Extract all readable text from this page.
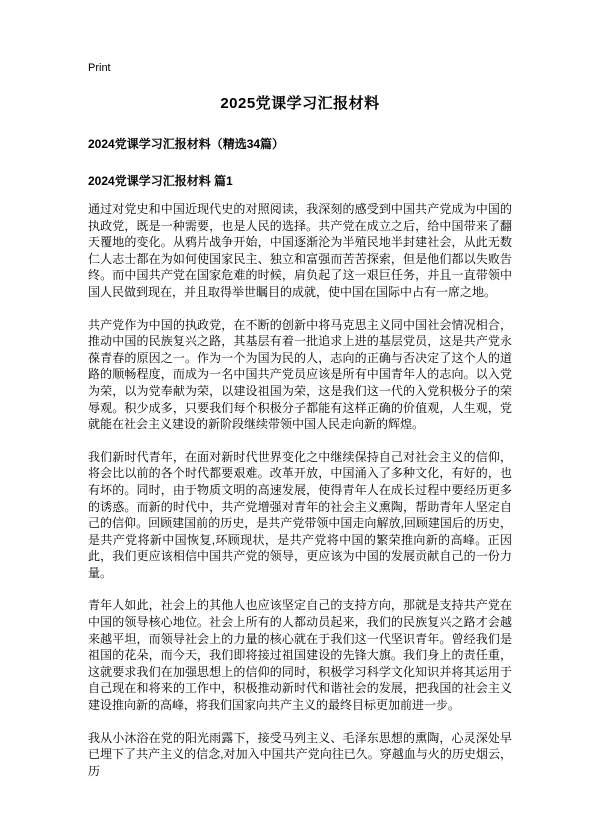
Print
2025党课学习汇报材料
2024党课学习汇报材料（精选34篇）
2024党课学习汇报材料 篇1

通过对党史和中国近现代史的对照阅读，我深刻的感受到中国共产党成为中国的执政党，既是一种需要，也是人民的选择。共产党在成立之后，给中国带来了翻天覆地的变化。从鸦片战争开始，中国逐渐沦为半殖民地半封建社会，从此无数仁人志士都在为如何使国家民主、独立和富强而苦苦探索，但是他们都以失败告终。而中国共产党在国家危难的时候，肩负起了这一艰巨任务，并且一直带领中国人民做到现在，并且取得举世瞩目的成就，使中国在国际中占有一席之地。

共产党作为中国的执政党，在不断的创新中将马克思主义同中国社会情况相合，推动中国的民族复兴之路，其基层有着一批追求上进的基层党员，这是共产党永葆青春的原因之一。作为一个为国为民的人，志向的正确与否决定了这个人的道路的顺畅程度，而成为一名中国共产党员应该是所有中国青年人的志向。以入党为荣，以为党奉献为荣，以建设祖国为荣，这是我们这一代的入党积极分子的荣辱观。积少成多，只要我们每个积极分子都能有这样正确的价值观，人生观，党就能在社会主义建设的新阶段继续带领中国人民走向新的辉煌。

我们新时代青年，在面对新时代世界变化之中继续保持自己对社会主义的信仰，将会比以前的各个时代都要艰难。改革开放，中国涌入了多种文化，有好的，也有坏的。同时，由于物质文明的高速发展，使得青年人在成长过程中要经历更多的诱惑。而新的时代中，共产党增强对青年的社会主义熏陶，帮助青年人坚定自己的信仰。回顾建国前的历史，是共产党带领中国走向解放,回顾建国后的历史，是共产党将新中国恢复,环顾现状，是共产党将中国的繁荣推向新的高峰。正因此，我们更应该相信中国共产党的领导，更应该为中国的发展贡献自己的一份力量。

青年人如此，社会上的其他人也应该坚定自己的支持方向，那就是支持共产党在中国的领导核心地位。社会上所有的人都动员起来，我们的民族复兴之路才会越来越平坦，而领导社会上的力量的核心就在于我们这一代坚识青年。曾经我们是祖国的花朵，而今天，我们即将接过祖国建设的先锋大旗。我们身上的责任重，这就要求我们在加强思想上的信仰的同时，积极学习科学文化知识并将其运用于自己现在和将来的工作中，积极推动新时代和谐社会的发展，把我国的社会主义建设推向新的高峰，将我们国家向共产主义的最终目标更加前进一步。

我从小沐浴在党的阳光雨露下，接受马列主义、毛泽东思想的熏陶，心灵深处早已埋下了共产主义的信念,对加入中国共产党向往已久。穿越血与火的历史烟云，历
